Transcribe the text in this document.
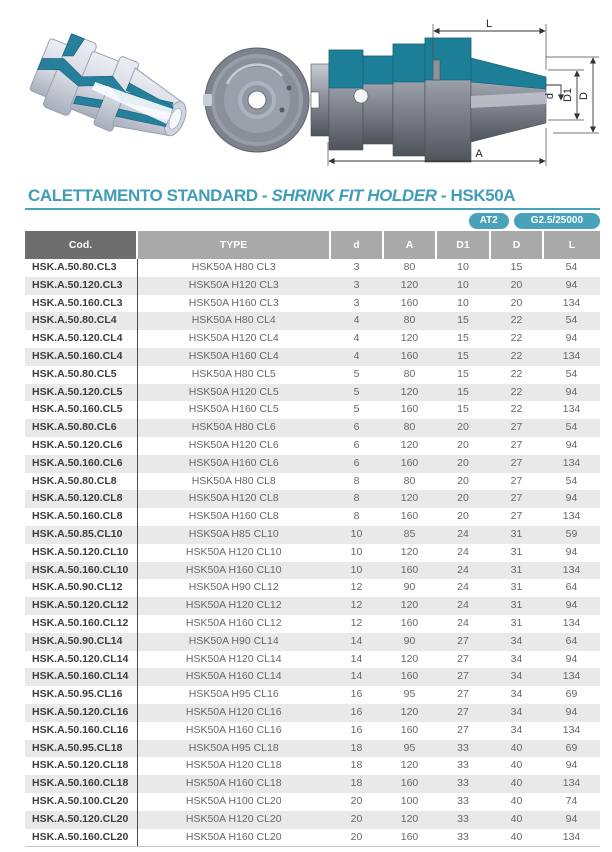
L
A
d D1 D
CALETTAMENTO STANDARD - SHRINK FIT HOLDER - HSK50A
AT2	G2.5/25000
Cod.	TYPE	d	A	D1	D	L
HSK.A.50.80.CL3	HSK50A H80 CL3	3	80	10	15	54
HSK.A.50.120.CL3	HSK50A H120 CL3	3	120	10	20	94
HSK.A.50.160.CL3	HSK50A H160 CL3	3	160	10	20	134
HSK.A.50.80.CL4	HSK50A H80 CL4	4	80	15	22	54
HSK.A.50.120.CL4	HSK50A H120 CL4	4	120	15	22	94
HSK.A.50.160.CL4	HSK50A H160 CL4	4	160	15	22	134
HSK.A.50.80.CL5	HSK50A H80 CL5	5	80	15	22	54
HSK.A.50.120.CL5	HSK50A H120 CL5	5	120	15	22	94
HSK.A.50.160.CL5	HSK50A H160 CL5	5	160	15	22	134
HSK.A.50.80.CL6	HSK50A H80 CL6	6	80	20	27	54
HSK.A.50.120.CL6	HSK50A H120 CL6	6	120	20	27	94
HSK.A.50.160.CL6	HSK50A H160 CL6	6	160	20	27	134
HSK.A.50.80.CL8	HSK50A H80 CL8	8	80	20	27	54
HSK.A.50.120.CL8	HSK50A H120 CL8	8	120	20	27	94
HSK.A.50.160.CL8	HSK50A H160 CL8	8	160	20	27	134
HSK.A.50.85.CL10	HSK50A H85 CL10	10	85	24	31	59
HSK.A.50.120.CL10	HSK50A H120 CL10	10	120	24	31	94
HSK.A.50.160.CL10	HSK50A H160 CL10	10	160	24	31	134
HSK.A.50.90.CL12	HSK50A H90 CL12	12	90	24	31	64
HSK.A.50.120.CL12	HSK50A H120 CL12	12	120	24	31	94
HSK.A.50.160.CL12	HSK50A H160 CL12	12	160	24	31	134
HSK.A.50.90.CL14	HSK50A H90 CL14	14	90	27	34	64
HSK.A.50.120.CL14	HSK50A H120 CL14	14	120	27	34	94
HSK.A.50.160.CL14	HSK50A H160 CL14	14	160	27	34	134
HSK.A.50.95.CL16	HSK50A H95 CL16	16	95	27	34	69
HSK.A.50.120.CL16	HSK50A H120 CL16	16	120	27	34	94
HSK.A.50.160.CL16	HSK50A H160 CL16	16	160	27	34	134
HSK.A.50.95.CL18	HSK50A H95 CL18	18	95	33	40	69
HSK.A.50.120.CL18	HSK50A H120 CL18	18	120	33	40	94
HSK.A.50.160.CL18	HSK50A H160 CL18	18	160	33	40	134
HSK.A.50.100.CL20	HSK50A H100 CL20	20	100	33	40	74
HSK.A.50.120.CL20	HSK50A H120 CL20	20	120	33	40	94
HSK.A.50.160.CL20	HSK50A H160 CL20	20	160	33	40	134
